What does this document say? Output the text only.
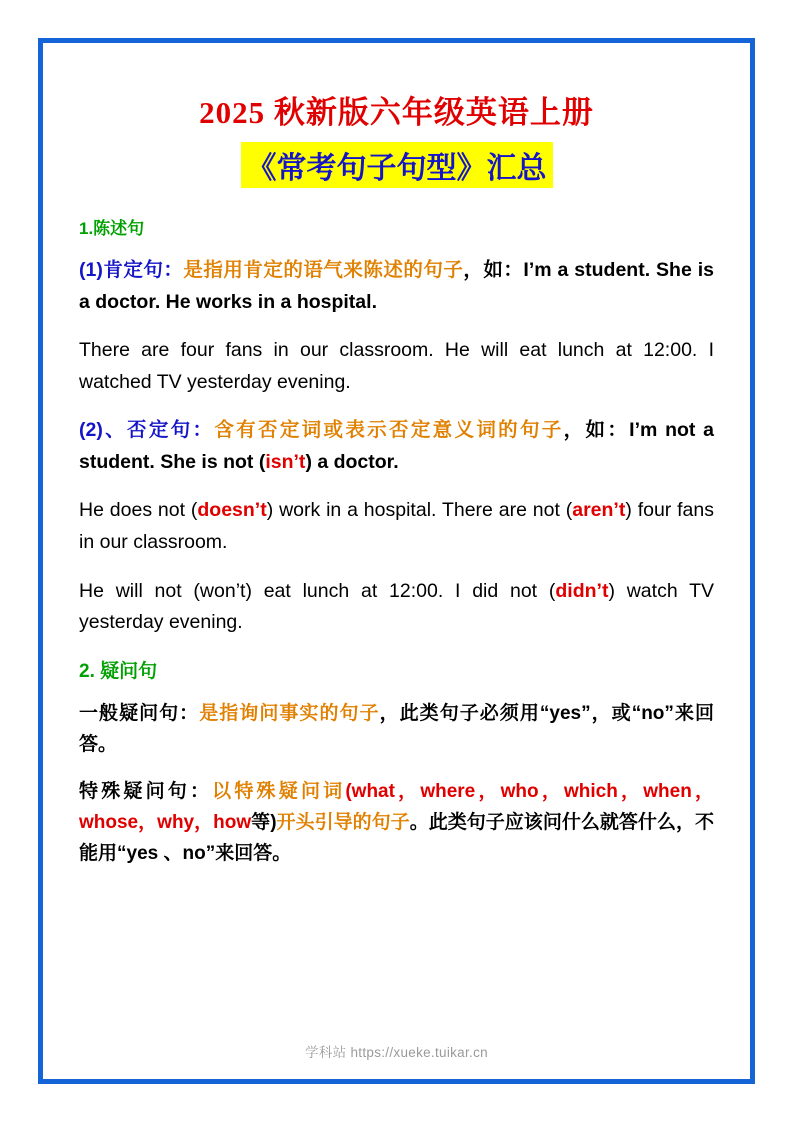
2025 秋新版六年级英语上册
《常考句子句型》汇总
1.陈述句

(1)肯定句：是指用肯定的语气来陈述的句子，如：I’m a student. She is a doctor. He works in a hospital.

There are four fans in our classroom. He will eat lunch at 12:00. I watched TV yesterday evening.

(2)、否定句：含有否定词或表示否定意义词的句子，如：I’m not a student. She is not (isn’t) a doctor.

He does not (doesn’t) work in a hospital. There are not (aren’t) four fans in our classroom.

He will not (won’t) eat lunch at 12:00. I did not (didn’t) watch TV yesterday evening.

2. 疑问句

一般疑问句：是指询问事实的句子，此类句子必须用“yes”，或“no”来回答。

特殊疑问句：以特殊疑问词(what，where，who，which，when，whose，why，how等)开头引导的句子。此类句子应该问什么就答什么，不能用“yes 、no”来回答。

学科站 https://xueke.tuikar.cn
